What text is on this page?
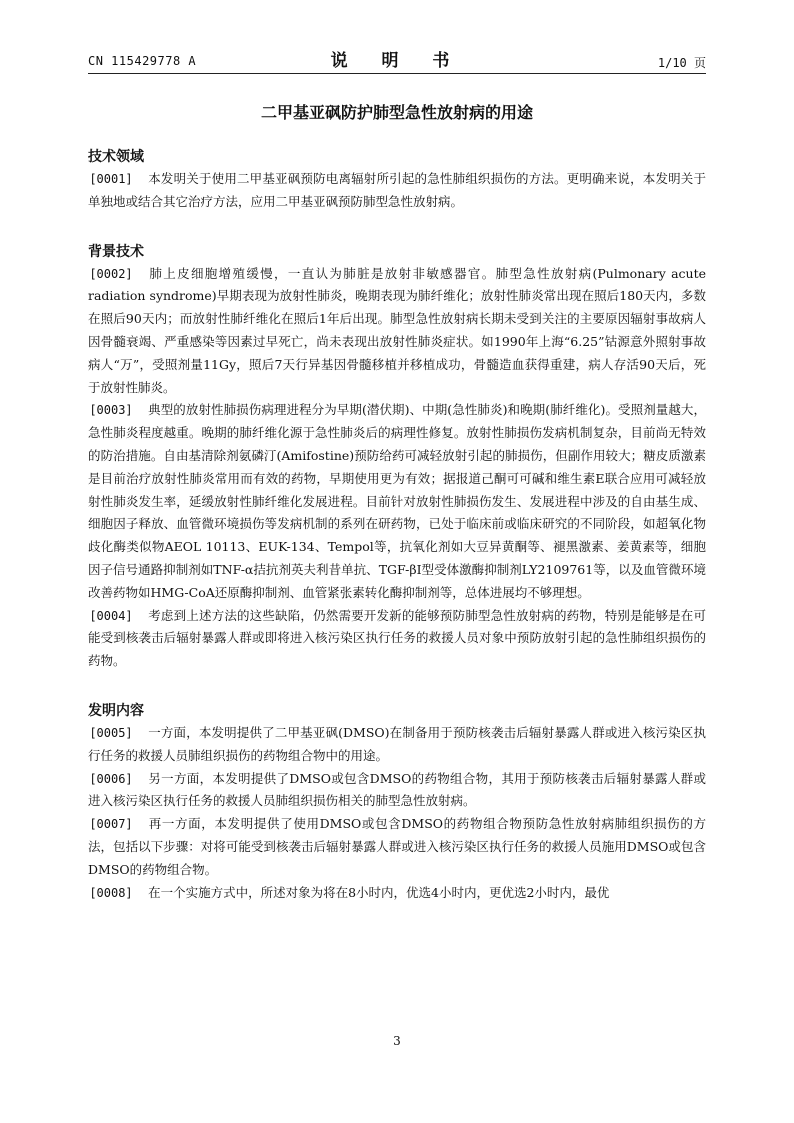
CN 115429778 A	说 明 书	1/10 页
二甲基亚砜防护肺型急性放射病的用途
技术领域

[0001] 本发明关于使用二甲基亚砜预防电离辐射所引起的急性肺组织损伤的方法。更明确来说，本发明关于单独地或结合其它治疗方法，应用二甲基亚砜预防肺型急性放射病。

背景技术

[0002] 肺上皮细胞增殖缓慢，一直认为肺脏是放射非敏感器官。肺型急性放射病(Pulmonary acute radiation syndrome)早期表现为放射性肺炎，晚期表现为肺纤维化；放射性肺炎常出现在照后180天内，多数在照后90天内；而放射性肺纤维化在照后1年后出现。肺型急性放射病长期未受到关注的主要原因辐射事故病人因骨髓衰竭、严重感染等因素过早死亡，尚未表现出放射性肺炎症状。如1990年上海“6.25”钴源意外照射事故病人“万”，受照剂量11Gy，照后7天行异基因骨髓移植并移植成功，骨髓造血获得重建，病人存活90天后，死于放射性肺炎。

[0003] 典型的放射性肺损伤病理进程分为早期(潜伏期)、中期(急性肺炎)和晚期(肺纤维化)。受照剂量越大，急性肺炎程度越重。晚期的肺纤维化源于急性肺炎后的病理性修复。放射性肺损伤发病机制复杂，目前尚无特效的防治措施。自由基清除剂氨磷汀(Amifostine)预防给药可减轻放射引起的肺损伤，但副作用较大；糖皮质激素是目前治疗放射性肺炎常用而有效的药物，早期使用更为有效；据报道己酮可可碱和维生素E联合应用可减轻放射性肺炎发生率，延缓放射性肺纤维化发展进程。目前针对放射性肺损伤发生、发展进程中涉及的自由基生成、细胞因子释放、血管微环境损伤等发病机制的系列在研药物，已处于临床前或临床研究的不同阶段，如超氧化物歧化酶类似物AEOL 10113、EUK-134、Tempol等，抗氧化剂如大豆异黄酮等、褪黑激素、姜黄素等，细胞因子信号通路抑制剂如TNF-α拮抗剂英夫利昔单抗、TGF-βI型受体激酶抑制剂LY2109761等，以及血管微环境改善药物如HMG-CoA还原酶抑制剂、血管紧张素转化酶抑制剂等，总体进展均不够理想。

[0004] 考虑到上述方法的这些缺陷，仍然需要开发新的能够预防肺型急性放射病的药物，特别是能够是在可能受到核袭击后辐射暴露人群或即将进入核污染区执行任务的救援人员对象中预防放射引起的急性肺组织损伤的药物。

发明内容

[0005] 一方面，本发明提供了二甲基亚砜(DMSO)在制备用于预防核袭击后辐射暴露人群或进入核污染区执行任务的救援人员肺组织损伤的药物组合物中的用途。

[0006] 另一方面，本发明提供了DMSO或包含DMSO的药物组合物，其用于预防核袭击后辐射暴露人群或进入核污染区执行任务的救援人员肺组织损伤相关的肺型急性放射病。

[0007] 再一方面，本发明提供了使用DMSO或包含DMSO的药物组合物预防急性放射病肺组织损伤的方法，包括以下步骤：对将可能受到核袭击后辐射暴露人群或进入核污染区执行任务的救援人员施用DMSO或包含DMSO的药物组合物。

[0008] 在一个实施方式中，所述对象为将在8小时内，优选4小时内，更优选2小时内，最优

3
